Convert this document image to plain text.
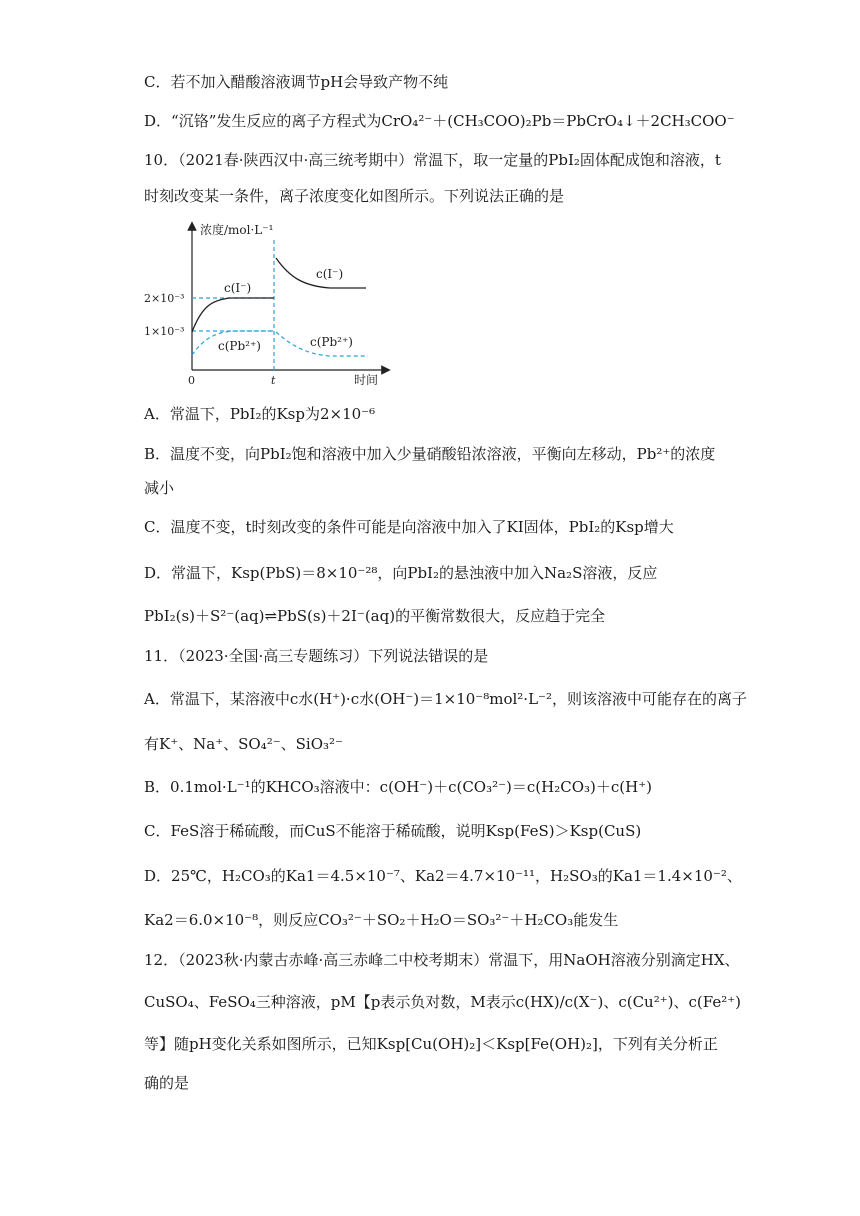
C．若不加入醋酸溶液调节pH会导致产物不纯
D．“沉铬”发生反应的离子方程式为CrO₄²⁻＋(CH₃COO)₂Pb＝PbCrO₄↓＋2CH₃COO⁻
10．（2021春·陕西汉中·高三统考期中）常温下，取一定量的PbI₂固体配成饱和溶液，t
时刻改变某一条件，离子浓度变化如图所示。下列说法正确的是
浓度/mol·L⁻¹
时间
2×10⁻³
1×10⁻³
0	t
c(I⁻)
c(Pb²⁺)
c(I⁻)
c(Pb²⁺)
A．常温下，PbI₂的Ksp为2×10⁻⁶
B．温度不变，向PbI₂饱和溶液中加入少量硝酸铅浓溶液，平衡向左移动，Pb²⁺的浓度
减小
C．温度不变，t时刻改变的条件可能是向溶液中加入了KI固体，PbI₂的Ksp增大
D．常温下，Ksp(PbS)＝8×10⁻²⁸，向PbI₂的悬浊液中加入Na₂S溶液，反应
PbI₂(s)＋S²⁻(aq)⇌PbS(s)＋2I⁻(aq)的平衡常数很大，反应趋于完全
11．（2023·全国·高三专题练习）下列说法错误的是
A．常温下，某溶液中c水(H⁺)·c水(OH⁻)＝1×10⁻⁸mol²·L⁻²，则该溶液中可能存在的离子
有K⁺、Na⁺、SO₄²⁻、SiO₃²⁻
B．0.1mol·L⁻¹的KHCO₃溶液中：c(OH⁻)＋c(CO₃²⁻)＝c(H₂CO₃)＋c(H⁺)
C．FeS溶于稀硫酸，而CuS不能溶于稀硫酸，说明Ksp(FeS)＞Ksp(CuS)
D．25℃，H₂CO₃的Ka1＝4.5×10⁻⁷、Ka2＝4.7×10⁻¹¹，H₂SO₃的Ka1＝1.4×10⁻²、
Ka2＝6.0×10⁻⁸，则反应CO₃²⁻＋SO₂＋H₂O＝SO₃²⁻＋H₂CO₃能发生
12．（2023秋·内蒙古赤峰·高三赤峰二中校考期末）常温下，用NaOH溶液分别滴定HX、
CuSO₄、FeSO₄三种溶液，pM【p表示负对数，M表示c(HX)/c(X⁻)、c(Cu²⁺)、c(Fe²⁺)
等】随pH变化关系如图所示，已知Ksp[Cu(OH)₂]＜Ksp[Fe(OH)₂]，下列有关分析正
确的是
